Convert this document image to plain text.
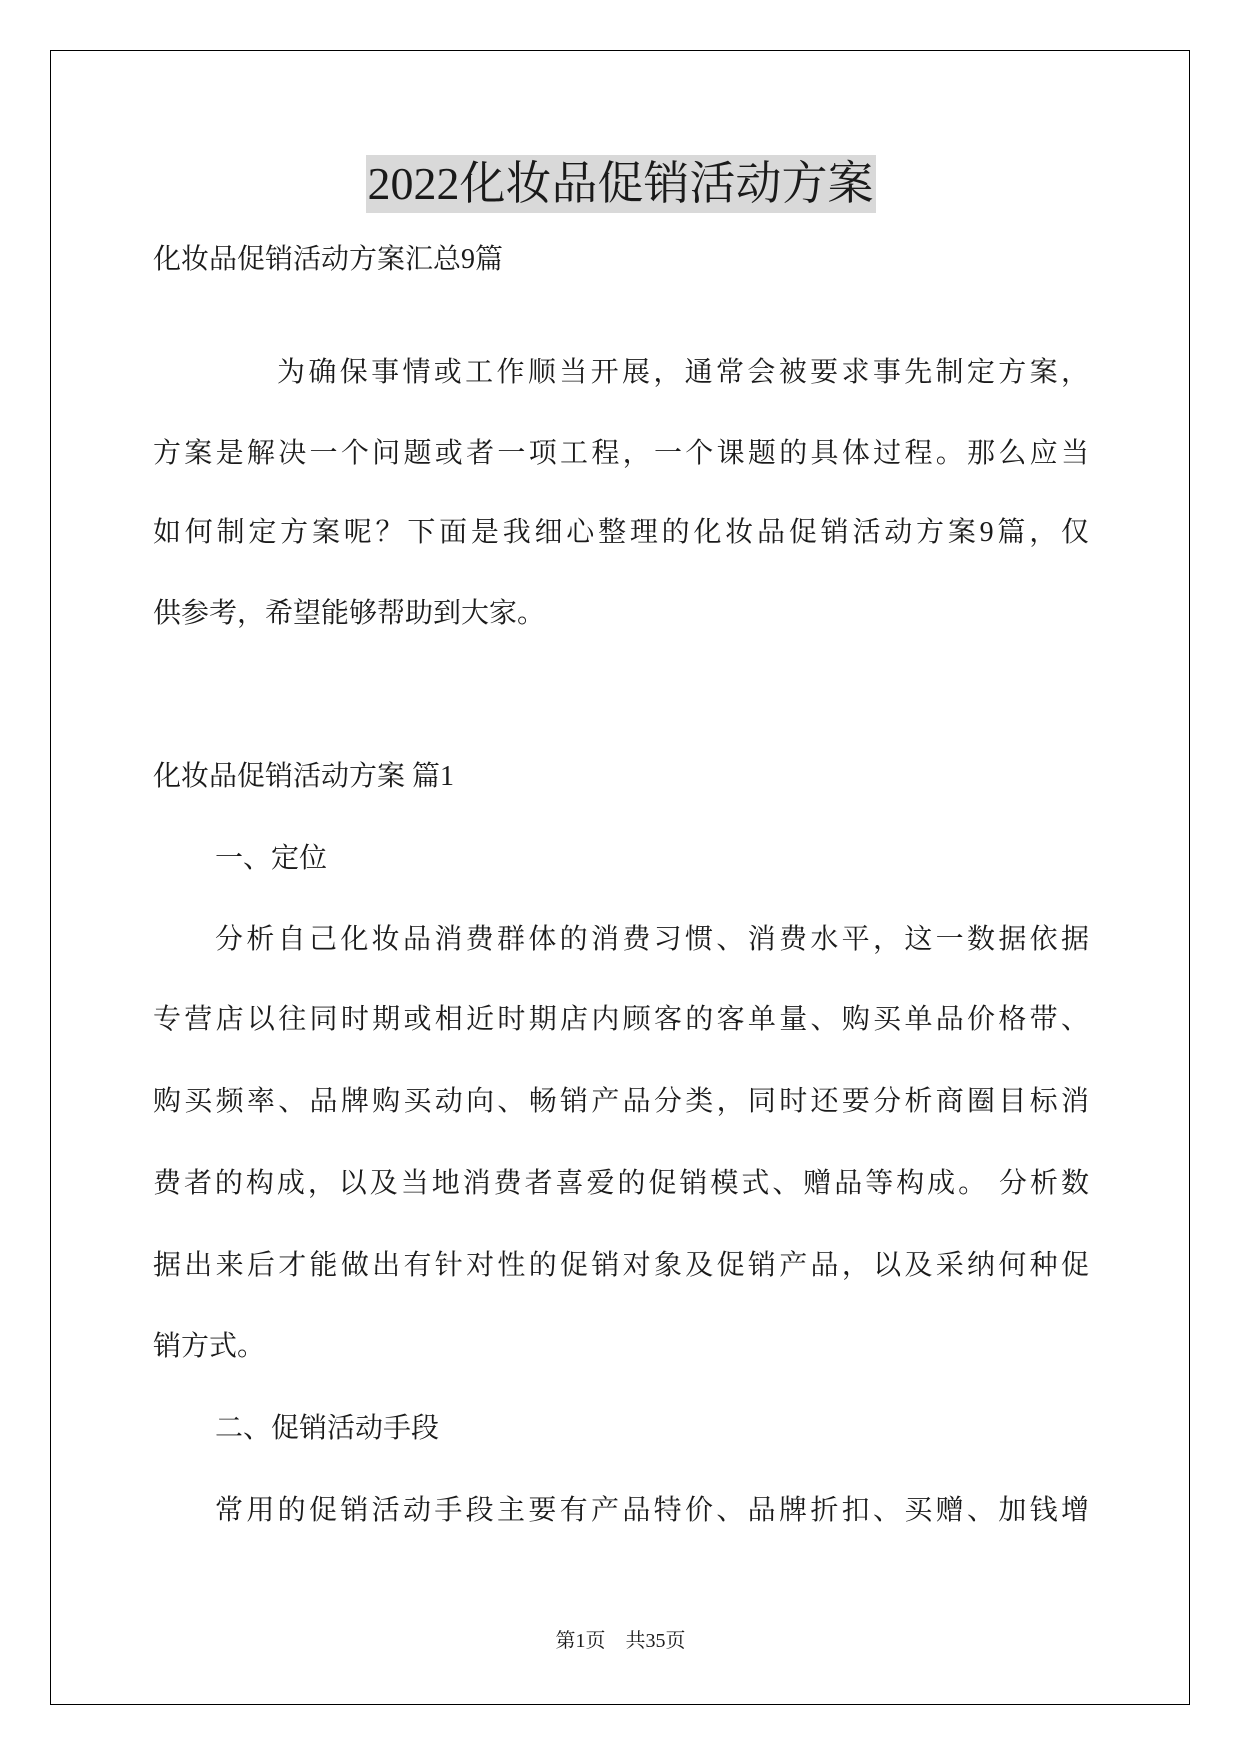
2022化妆品促销活动方案
化妆品促销活动方案汇总9篇
为确保事情或工作顺当开展，通常会被要求事先制定方案，
方案是解决一个问题或者一项工程，一个课题的具体过程。那么应当
如何制定方案呢？下面是我细心整理的化妆品促销活动方案9篇，仅
供参考，希望能够帮助到大家。
化妆品促销活动方案 篇1
一、定位
分析自己化妆品消费群体的消费习惯、消费水平，这一数据依据
专营店以往同时期或相近时期店内顾客的客单量、购买单品价格带、
购买频率、品牌购买动向、畅销产品分类，同时还要分析商圈目标消
费者的构成，以及当地消费者喜爱的促销模式、赠品等构成。 分析数
据出来后才能做出有针对性的促销对象及促销产品，以及采纳何种促
销方式。
二、促销活动手段
常用的促销活动手段主要有产品特价、品牌折扣、买赠、加钱增
第1页 共35页
